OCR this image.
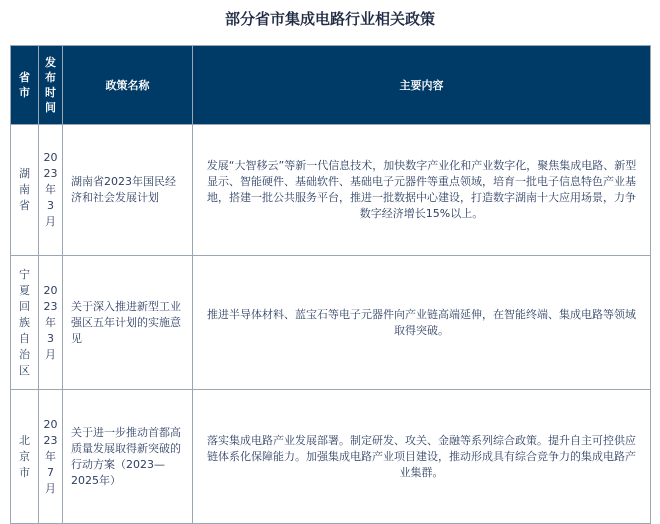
部分省市集成电路行业相关政策
省市	发布时间	政策名称	主要内容

湖南省	2023年3月	湖南省2023年国民经济和社会发展计划	发展“大智移云”等新一代信息技术，加快数字产业化和产业数字化，聚焦集成电路、新型显示、智能硬件、基础软件、基础电子元器件等重点领域，培育一批电子信息特色产业基地，搭建一批公共服务平台，推进一批数据中心建设，打造数字湖南十大应用场景，力争数字经济增长15%以上。

宁夏回族自治区	2023年3月	关于深入推进新型工业强区五年计划的实施意见	推进半导体材料、蓝宝石等电子元器件向产业链高端延伸，在智能终端、集成电路等领域取得突破。

北京市	2023年7月	关于进一步推动首都高质量发展取得新突破的行动方案（2023—2025年）	落实集成电路产业发展部署。制定研发、攻关、金融等系列综合政策。提升自主可控供应链体系化保障能力。加强集成电路产业项目建设，推动形成具有综合竞争力的集成电路产业集群。
